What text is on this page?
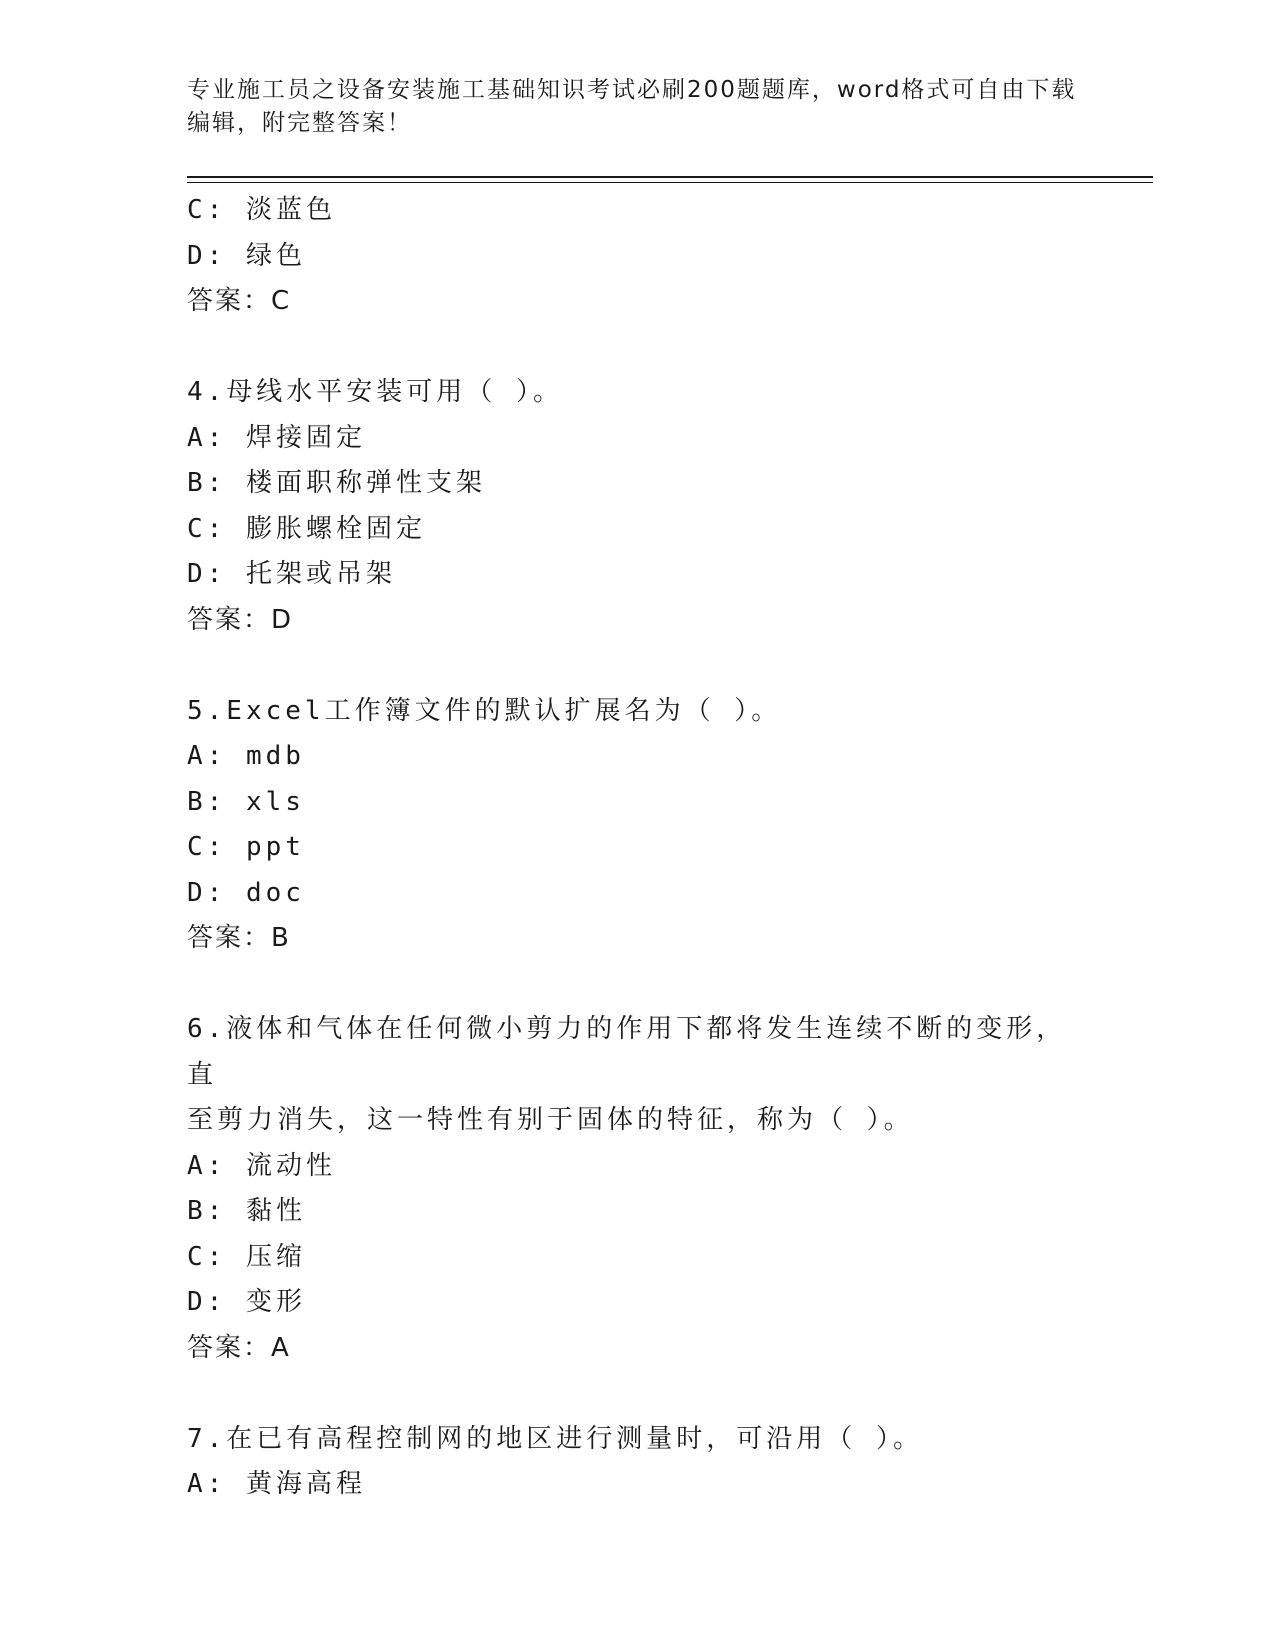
专业施工员之设备安装施工基础知识考试必刷200题题库，word格式可自由下载编辑，附完整答案！
C: 淡蓝色
D: 绿色
答案：C
4.母线水平安装可用（ ）。
A: 焊接固定
B: 楼面职称弹性支架
C: 膨胀螺栓固定
D: 托架或吊架
答案：D
5.Excel工作簿文件的默认扩展名为（ ）。
A: mdb
B: xls
C: ppt
D: doc
答案：B
6.液体和气体在任何微小剪力的作用下都将发生连续不断的变形，直
至剪力消失，这一特性有别于固体的特征，称为（ ）。
A: 流动性
B: 黏性
C: 压缩
D: 变形
答案：A
7.在已有高程控制网的地区进行测量时，可沿用（ ）。
A: 黄海高程
